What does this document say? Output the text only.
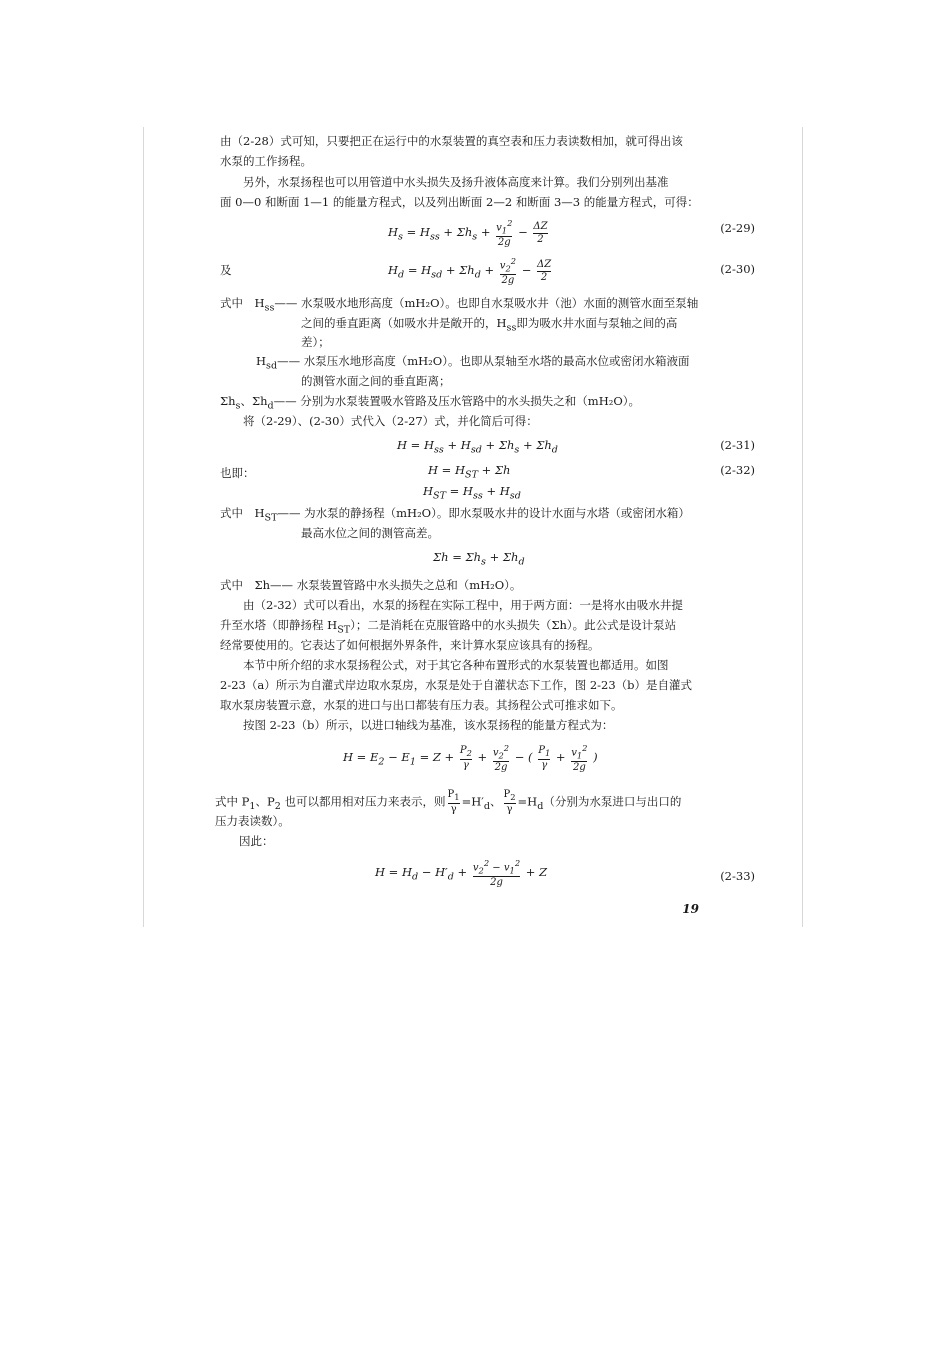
由（2-28）式可知，只要把正在运行中的水泵装置的真空表和压力表读数相加，就可得出该
水泵的工作扬程。
另外，水泵扬程也可以用管道中水头损失及扬升液体高度来计算。我们分别列出基准
面 0—0 和断面 1—1 的能量方程式，以及列出断面 2—2 和断面 3—3 的能量方程式，可得：
$H_s = H_{ss} + \Sigma h_s + \frac{v_1^2}{2g} - \frac{\Delta Z}{2}$	(2-29)
及	$H_d = H_{sd} + \Sigma h_d + \frac{v_2^2}{2g} - \frac{\Delta Z}{2}$	(2-30)
式中　$H_{ss}——$ 水泵吸水地形高度（mH₂O）。也即自水泵吸水井（池）水面的测管水面至泵轴
之间的垂直距离（如吸水井是敞开的，$H_{ss}$即为吸水井水面与泵轴之间的高
差）；
$H_{sd}——$ 水泵压水地形高度（mH₂O）。也即从泵轴至水塔的最高水位或密闭水箱液面
的测管水面之间的垂直距离；
$\Sigma h_s$、$\Sigma h_d——$ 分别为水泵装置吸水管路及压水管路中的水头损失之和（mH₂O）。
将（2-29）、(2-30）式代入（2-27）式，并化简后可得：
$H = H_{ss} + H_{sd} + \Sigma h_s + \Sigma h_d$	(2-31)
也即：	$H = H_{ST} + \Sigma h$	(2-32)
$H_{ST} = H_{ss} + H_{sd}$
式中　$H_{ST}——$ 为水泵的静扬程（mH₂O）。即水泵吸水井的设计水面与水塔（或密闭水箱）
最高水位之间的测管高差。
$\Sigma h = \Sigma h_s + \Sigma h_d$
式中　Σh—— 水泵装置管路中水头损失之总和（mH₂O）。
由（2-32）式可以看出，水泵的扬程在实际工程中，用于两方面：一是将水由吸水井提
升至水塔（即静扬程 $H_{ST}$）；二是消耗在克服管路中的水头损失（Σh）。此公式是设计泵站
经常要使用的。它表达了如何根据外界条件，来计算水泵应该具有的扬程。
本节中所介绍的求水泵扬程公式，对于其它各种布置形式的水泵装置也都适用。如图
2-23（a）所示为自灌式岸边取水泵房，水泵是处于自灌状态下工作，图 2-23（b）是自灌式
取水泵房装置示意，水泵的进口与出口都装有压力表。其扬程公式可推求如下。
按图 2-23（b）所示，以进口轴线为基准，该水泵扬程的能量方程式为：
$H = E_2 - E_1 = Z + \frac{P_2}{\gamma} + \frac{v_2^2}{2g}$ − ( $\frac{P_1}{\gamma} + \frac{v_1^2}{2g}$ )
式中 $P_1$、$P_2$ 也可以都用相对压力来表示，则 $\frac{P_1}{\gamma} =H'_d$、 $\frac{P_2}{\gamma} =H_d$（分别为水泵进口与出口的
压力表读数）。
因此：
$H = H_d - H'_d + \frac{v_2^2 - v_1^2}{2g} + Z$	(2-33)
19
